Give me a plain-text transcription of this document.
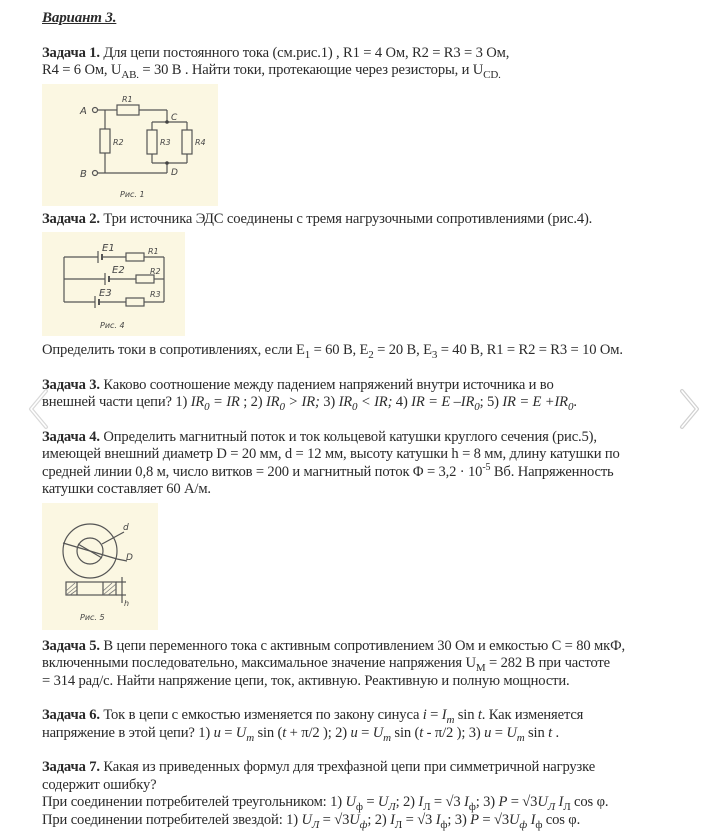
Вариант 3.

Задача 1. Для цепи постоянного тока (см.рис.1) , R1 = 4 Ом, R2 = R3 = 3 Ом,
R4 = 6 Ом, $U_{AB.} = 30$ В . Найти токи, протекающие через резисторы, и $U_{CD.}$

A
B
C
D
R1
R2	R3	R4
Рис. 1

Задача 2. Три источника ЭДС соединены с тремя нагрузочными сопротивлениями (рис.4).

E1
E2
E3
R1
R2
R3
Рис. 4

Определить токи в сопротивлениях, если $E_1 = 60$ В, $E_2 = 20$ В, $E_3 = 40$ В, R1 = R2 = R3 = 10 Ом.

Задача 3. Каково соотношение между падением напряжений внутри источника и во
внешней части цепи? 1) $IR_0$ = IR ; 2) $IR_0$ > IR; 3) $IR_0$ < IR; 4) IR = E $-IR_0$; 5) IR = $E +IR_0$.

Задача 4. Определить магнитный поток и ток кольцевой катушки круглого сечения (рис.5),
имеющей внешний диаметр D = 20 мм, d = 12 мм, высоту катушки h = 8 мм, длину катушки по
средней линии 0,8 м, число витков = 200 и магнитный поток $\Phi = 3,2 \cdot 10^{-5}$ Вб. Напряженность
катушки составляет 60 А/м.

d
D
h
Рис. 5

Задача 5. В цепи переменного тока с активным сопротивлением 30 Ом и емкостью C = 80 мкФ,
включенными последовательно, максимальное значение напряжения $U_M = 282$ В при частоте
= 314 рад/с. Найти напряжение цепи, ток, активную. Реактивную и полную мощности.

Задача 6. Ток в цепи с емкостью изменяется по закону синуса $i = I_m$ sin t. Как изменяется
напряжение в этой цепи? 1) $u = U_m$ sin (t + π/2 ); 2) $u = U_m$ sin (t - π/2 ); 3) $u = U_m$ sin t .

Задача 7. Какая из приведенных формул для трехфазной цепи при симметричной нагрузке
содержит ошибку?
При соединении потребителей треугольником: 1) $U_ф = U_Л$; 2) $I_Л = √3$ $I_ф$; 3) $P = √3U_Л$ $I_Л$ cos φ.
При соединении потребителей звездой: 1) $U_Л = √3U_ф$; 2) $I_Л = √3$ $I_ф$; 3) $P = √3U_ф$ $I_ф$ cos φ.
